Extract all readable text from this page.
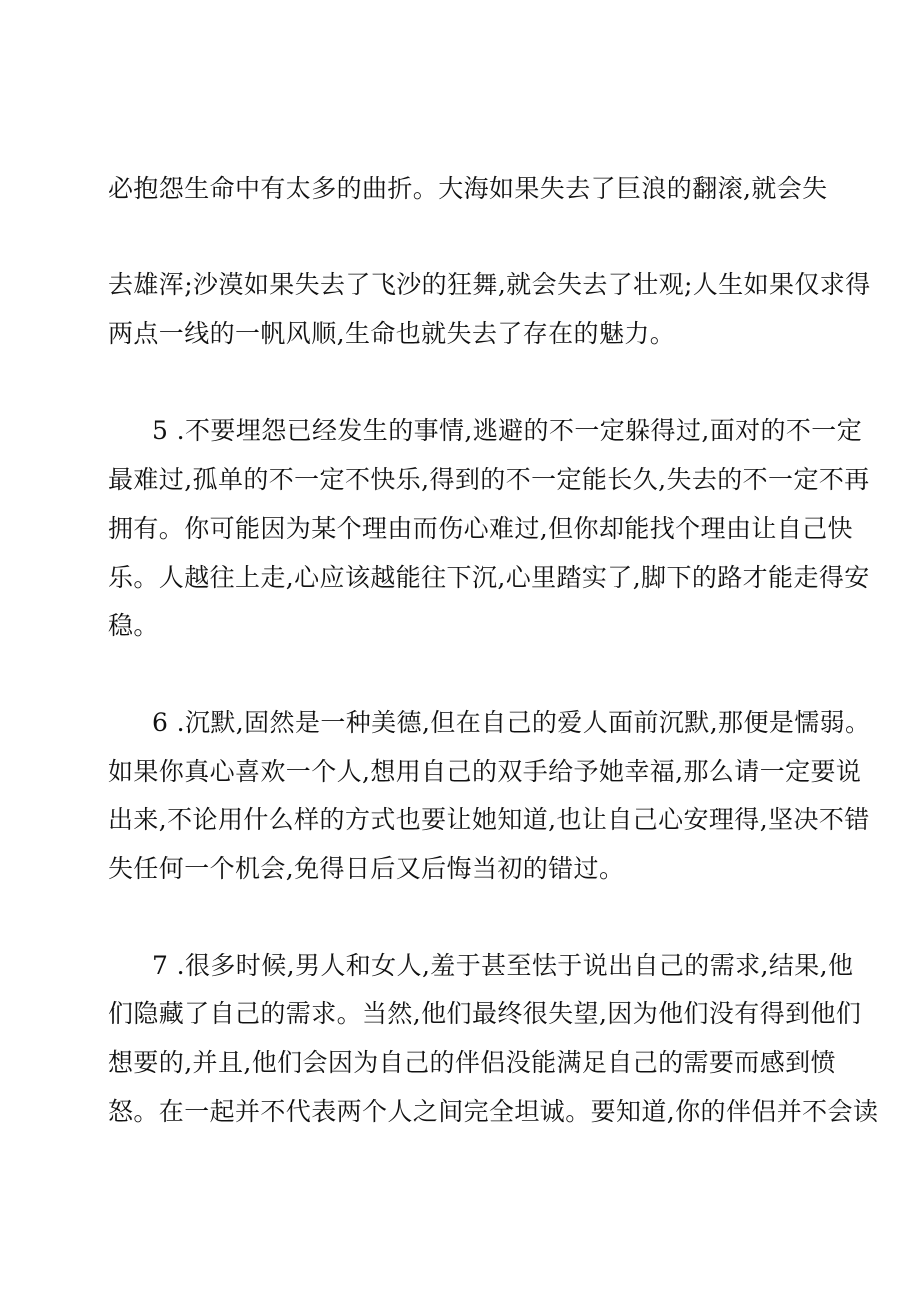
必抱怨生命中有太多的曲折。大海如果失去了巨浪的翻滚,就会失
去雄浑;沙漠如果失去了飞沙的狂舞,就会失去了壮观;人生如果仅求得
两点一线的一帆风顺,生命也就失去了存在的魅力。
5 .不要埋怨已经发生的事情,逃避的不一定躲得过,面对的不一定
最难过,孤单的不一定不快乐,得到的不一定能长久,失去的不一定不再
拥有。你可能因为某个理由而伤心难过,但你却能找个理由让自己快
乐。人越往上走,心应该越能往下沉,心里踏实了,脚下的路才能走得安
稳。
6 .沉默,固然是一种美德,但在自己的爱人面前沉默,那便是懦弱。
如果你真心喜欢一个人,想用自己的双手给予她幸福,那么请一定要说
出来,不论用什么样的方式也要让她知道,也让自己心安理得,坚决不错
失任何一个机会,免得日后又后悔当初的错过。
7 .很多时候,男人和女人,羞于甚至怯于说出自己的需求,结果,他
们隐藏了自己的需求。当然,他们最终很失望,因为他们没有得到他们
想要的,并且,他们会因为自己的伴侣没能满足自己的需要而感到愤
怒。在一起并不代表两个人之间完全坦诚。要知道,你的伴侣并不会读
